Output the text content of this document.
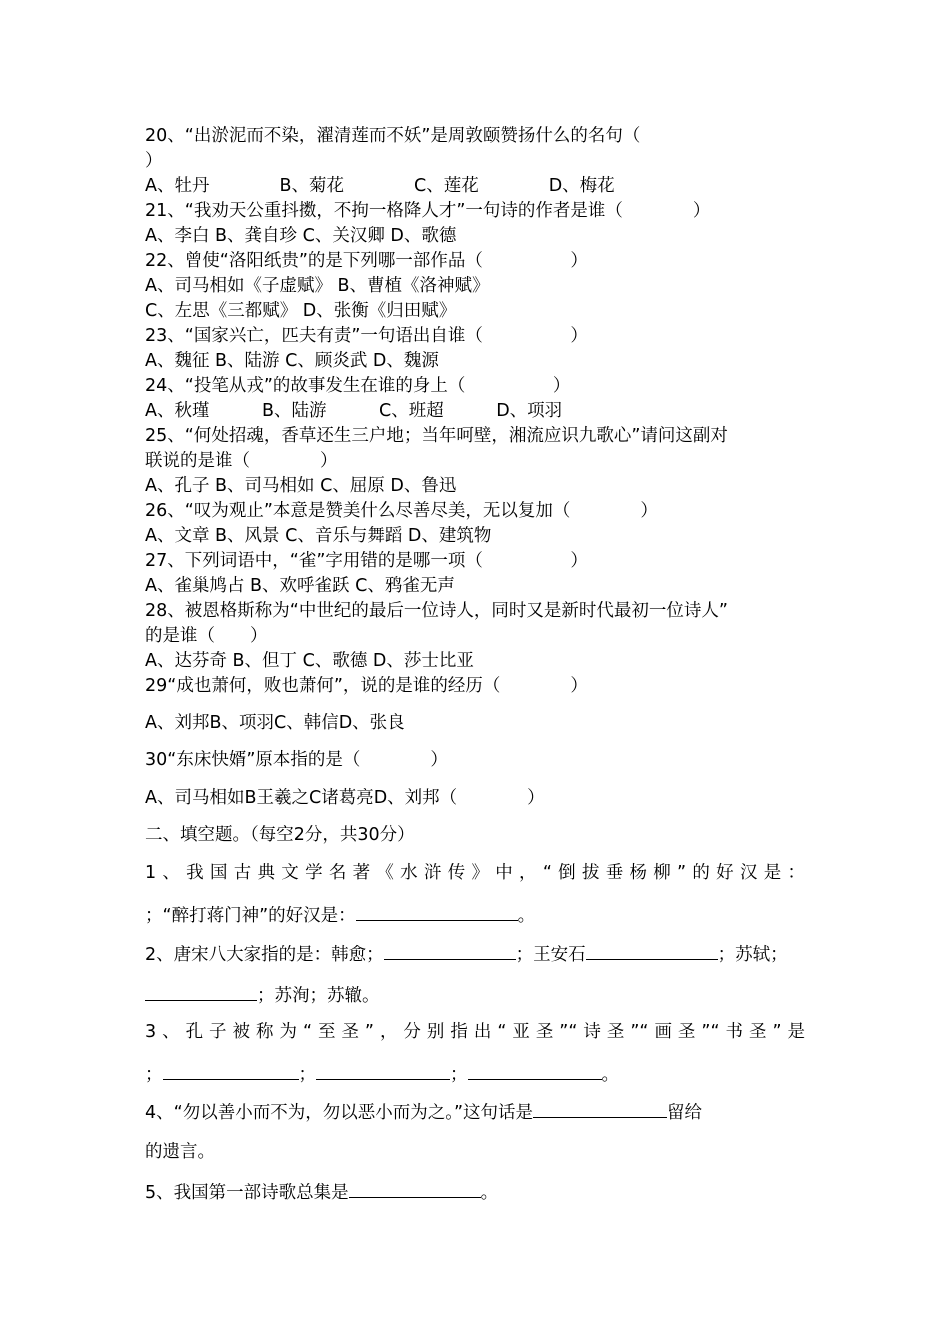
20、“出淤泥而不染，濯清莲而不妖”是周敦颐赞扬什么的名句（
）
A、牡丹　　　　B、菊花　　　　C、莲花　　　　D、梅花
21、“我劝天公重抖擞，不拘一格降人才”一句诗的作者是谁（　　　　）
A、李白 B、龚自珍 C、关汉卿 D、歌德
22、曾使“洛阳纸贵”的是下列哪一部作品（　　　　　）
A、司马相如《子虚赋》 B、曹植《洛神赋》
C、左思《三都赋》 D、张衡《归田赋》
23、“国家兴亡，匹夫有责”一句语出自谁（　　　　　）
A、魏征 B、陆游 C、顾炎武 D、魏源
24、“投笔从戎”的故事发生在谁的身上（　　　　　）
A、秋瑾　　　B、陆游　　　C、班超　　　D、项羽
25、“何处招魂，香草还生三户地；当年呵壁，湘流应识九歌心”请问这副对
联说的是谁（　　　　）
A、孔子 B、司马相如 C、屈原 D、鲁迅
26、“叹为观止”本意是赞美什么尽善尽美，无以复加（　　　　）
A、文章 B、风景 C、音乐与舞蹈 D、建筑物
27、下列词语中，“雀”字用错的是哪一项（　　　　　）
A、雀巢鸠占 B、欢呼雀跃 C、鸦雀无声
28、被恩格斯称为“中世纪的最后一位诗人，同时又是新时代最初一位诗人”
的是谁（　　）
A、达芬奇 B、但丁 C、歌德 D、莎士比亚
29“成也萧何，败也萧何”，说的是谁的经历（　　　　）
A、刘邦B、项羽C、韩信D、张良
30“东床快婿”原本指的是（　　　　）
A、司马相如B王羲之C诸葛亮D、刘邦（　　　　）
二、填空题。（每空2分，共30分）
1、我国古典文学名著《水浒传》中，“倒拔垂杨柳”的好汉是：
；“醉打蒋门神”的好汉是：	。
2、唐宋八大家指的是：韩愈；	；王安石	；苏轼；
；苏洵；苏辙。
3、孔子被称为“至圣”，分别指出“亚圣”“诗圣”“画圣”“书圣”是
；	；	；	。
4、“勿以善小而不为，勿以恶小而为之。”这句话是	留给
的遗言。
5、我国第一部诗歌总集是	。
